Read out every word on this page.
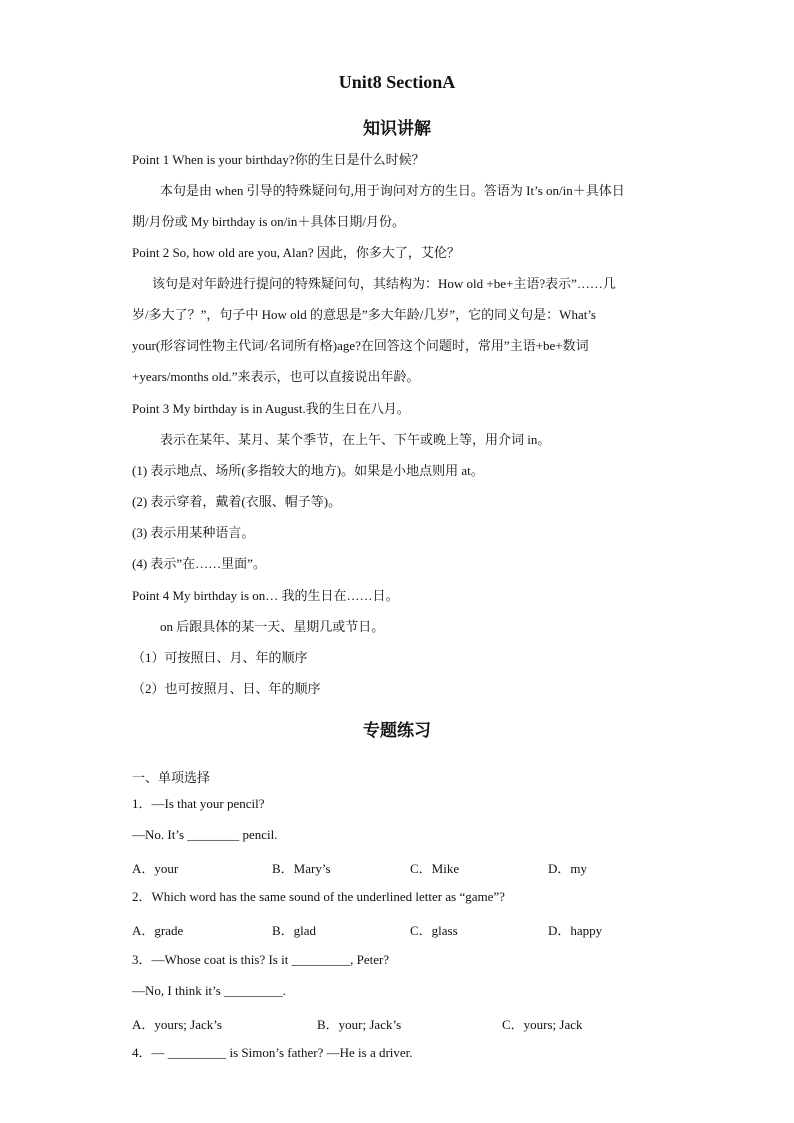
Unit8 SectionA
知识讲解
Point 1 When is your birthday?你的生日是什么时候？
本句是由 when 引导的特殊疑问句,用于询问对方的生日。答语为 It’s on/in＋具体日
期/月份或 My birthday is on/in＋具体日期/月份。
Point 2 So, how old are you, Alan? 因此，你多大了，艾伦？
该句是对年龄进行提问的特殊疑问句，其结构为：How old +be+主语?表示”……几
岁/多大了？”，句子中 How old 的意思是”多大年龄/几岁”，它的同义句是：What’s
your(形容词性物主代词/名词所有格)age?在回答这个问题时，常用”主语+be+数词
+years/months old.”来表示，也可以直接说出年龄。
Point 3 My birthday is in August.我的生日在八月。
表示在某年、某月、某个季节，在上午、下午或晚上等，用介词 in。
(1) 表示地点、场所(多指较大的地方)。如果是小地点则用 at。
(2) 表示穿着，戴着(衣服、帽子等)。
(3) 表示用某种语言。
(4) 表示”在……里面”。
Point 4 My birthday is on… 我的生日在……日。
on 后跟具体的某一天、星期几或节日。
（1）可按照日、月、年的顺序
（2）也可按照月、日、年的顺序
专题练习
一、单项选择
1．—Is that your pencil?
—No. It’s ________ pencil.
A．your	B．Mary’s	C．Mike	D．my
2．Which word has the same sound of the underlined letter as “game”?
A．grade	B．glad	C．glass	D．happy
3．—Whose coat is this? Is it _________, Peter?
—No, I think it’s _________.
A．yours; Jack’s	B．your; Jack’s	C．yours; Jack
4．— _________ is Simon’s father? —He is a driver.
